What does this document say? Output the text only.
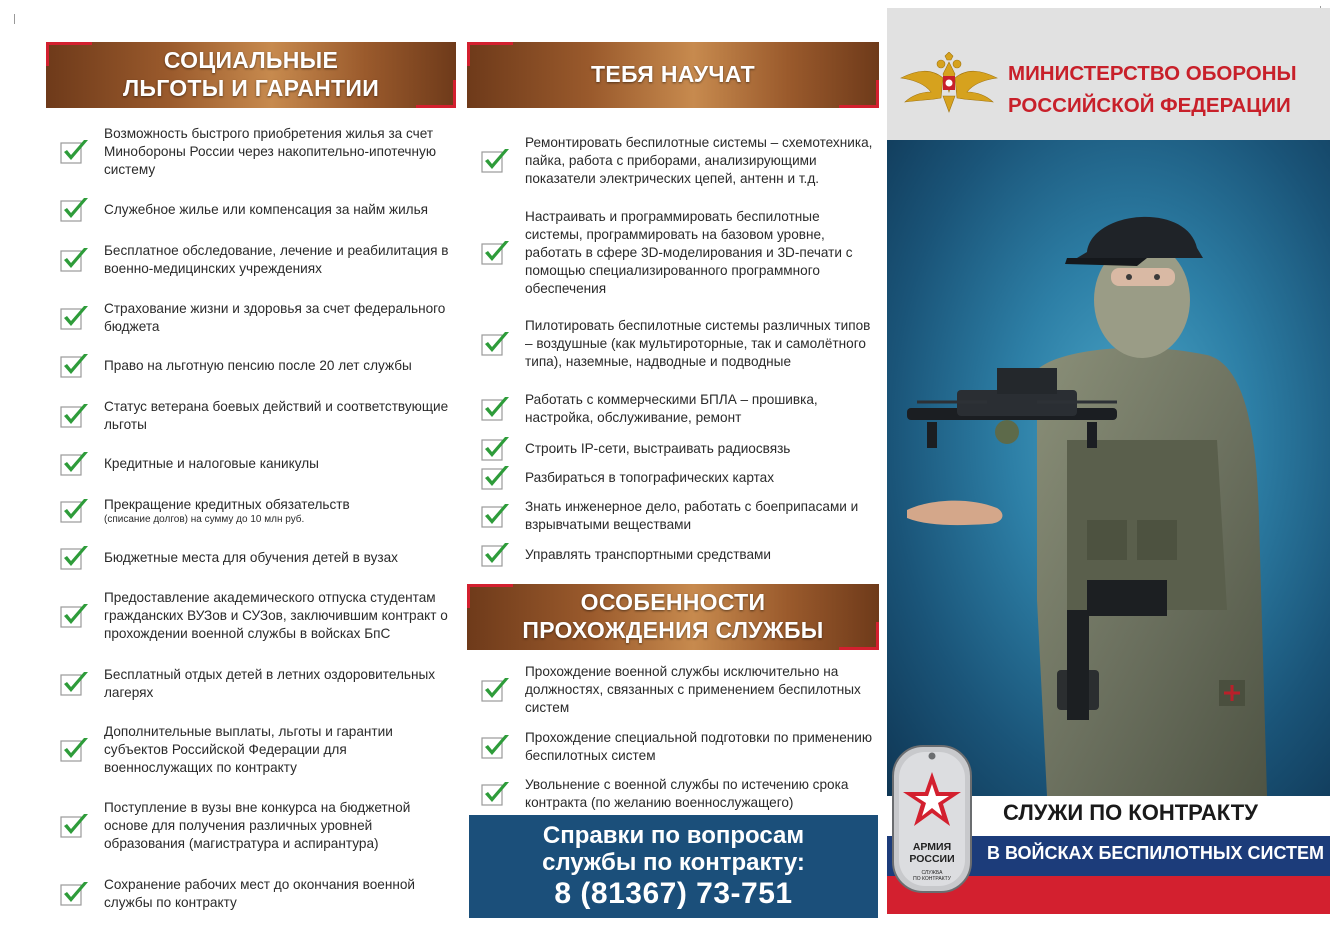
СОЦИАЛЬНЫЕ
ЛЬГОТЫ И ГАРАНТИИ
Возможность быстрого приобретения жилья за счет Минобороны России через накопительно-ипотечную систему
Служебное жилье или компенсация за найм жилья
Бесплатное обследование, лечение и реабилитация в военно-медицинских учреждениях
Страхование жизни и здоровья за счет федерального бюджета
Право на льготную пенсию после 20 лет службы
Статус ветерана боевых действий и соответствующие льготы
Кредитные и налоговые каникулы
Прекращение кредитных обязательств
(списание долгов) на сумму до 10 млн руб.
Бюджетные места для обучения детей в вузах
Предоставление академического отпуска студентам гражданских ВУЗов и СУЗов, заключившим контракт о прохождении военной службы в войсках БпС
Бесплатный отдых детей в летних оздоровительных лагерях
Дополнительные выплаты, льготы и гарантии субъектов Российской Федерации для военнослужащих по контракту
Поступление в вузы вне конкурса на бюджетной основе для получения различных уровней образования (магистратура и аспирантура)
Сохранение рабочих мест до окончания военной службы по контракту
ТЕБЯ НАУЧАТ
Ремонтировать беспилотные системы – схемотехника, пайка, работа с приборами, анализирующими показатели электрических цепей, антенн и т.д.
Настраивать и программировать беспилотные системы, программировать на базовом уровне, работать в сфере 3D-моделирования и 3D-печати с помощью специализированного программного обеспечения
Пилотировать беспилотные системы различных типов – воздушные (как мультироторные, так и самолётного типа), наземные, надводные и подводные
Работать с коммерческими БПЛА – прошивка, настройка, обслуживание, ремонт
Строить IP-сети, выстраивать радиосвязь
Разбираться в топографических картах
Знать инженерное дело, работать с боеприпасами и взрывчатыми веществами
Управлять транспортными средствами
ОСОБЕННОСТИ
ПРОХОЖДЕНИЯ СЛУЖБЫ
Прохождение военной службы исключительно на должностях, связанных с применением беспилотных систем
Прохождение специальной подготовки по применению беспилотных систем
Увольнение с военной службы по истечению срока контракта (по желанию военнослужащего)
Справки по вопросам
службы по контракту:
8 (81367) 73-751
МИНИСТЕРСТВО ОБОРОНЫ
РОССИЙСКОЙ ФЕДЕРАЦИИ
СЛУЖИ ПО КОНТРАКТУ
В ВОЙСКАХ БЕСПИЛОТНЫХ СИСТЕМ
АРМИЯ
РОССИИ
СЛУЖБА
ПО КОНТРАКТУ
